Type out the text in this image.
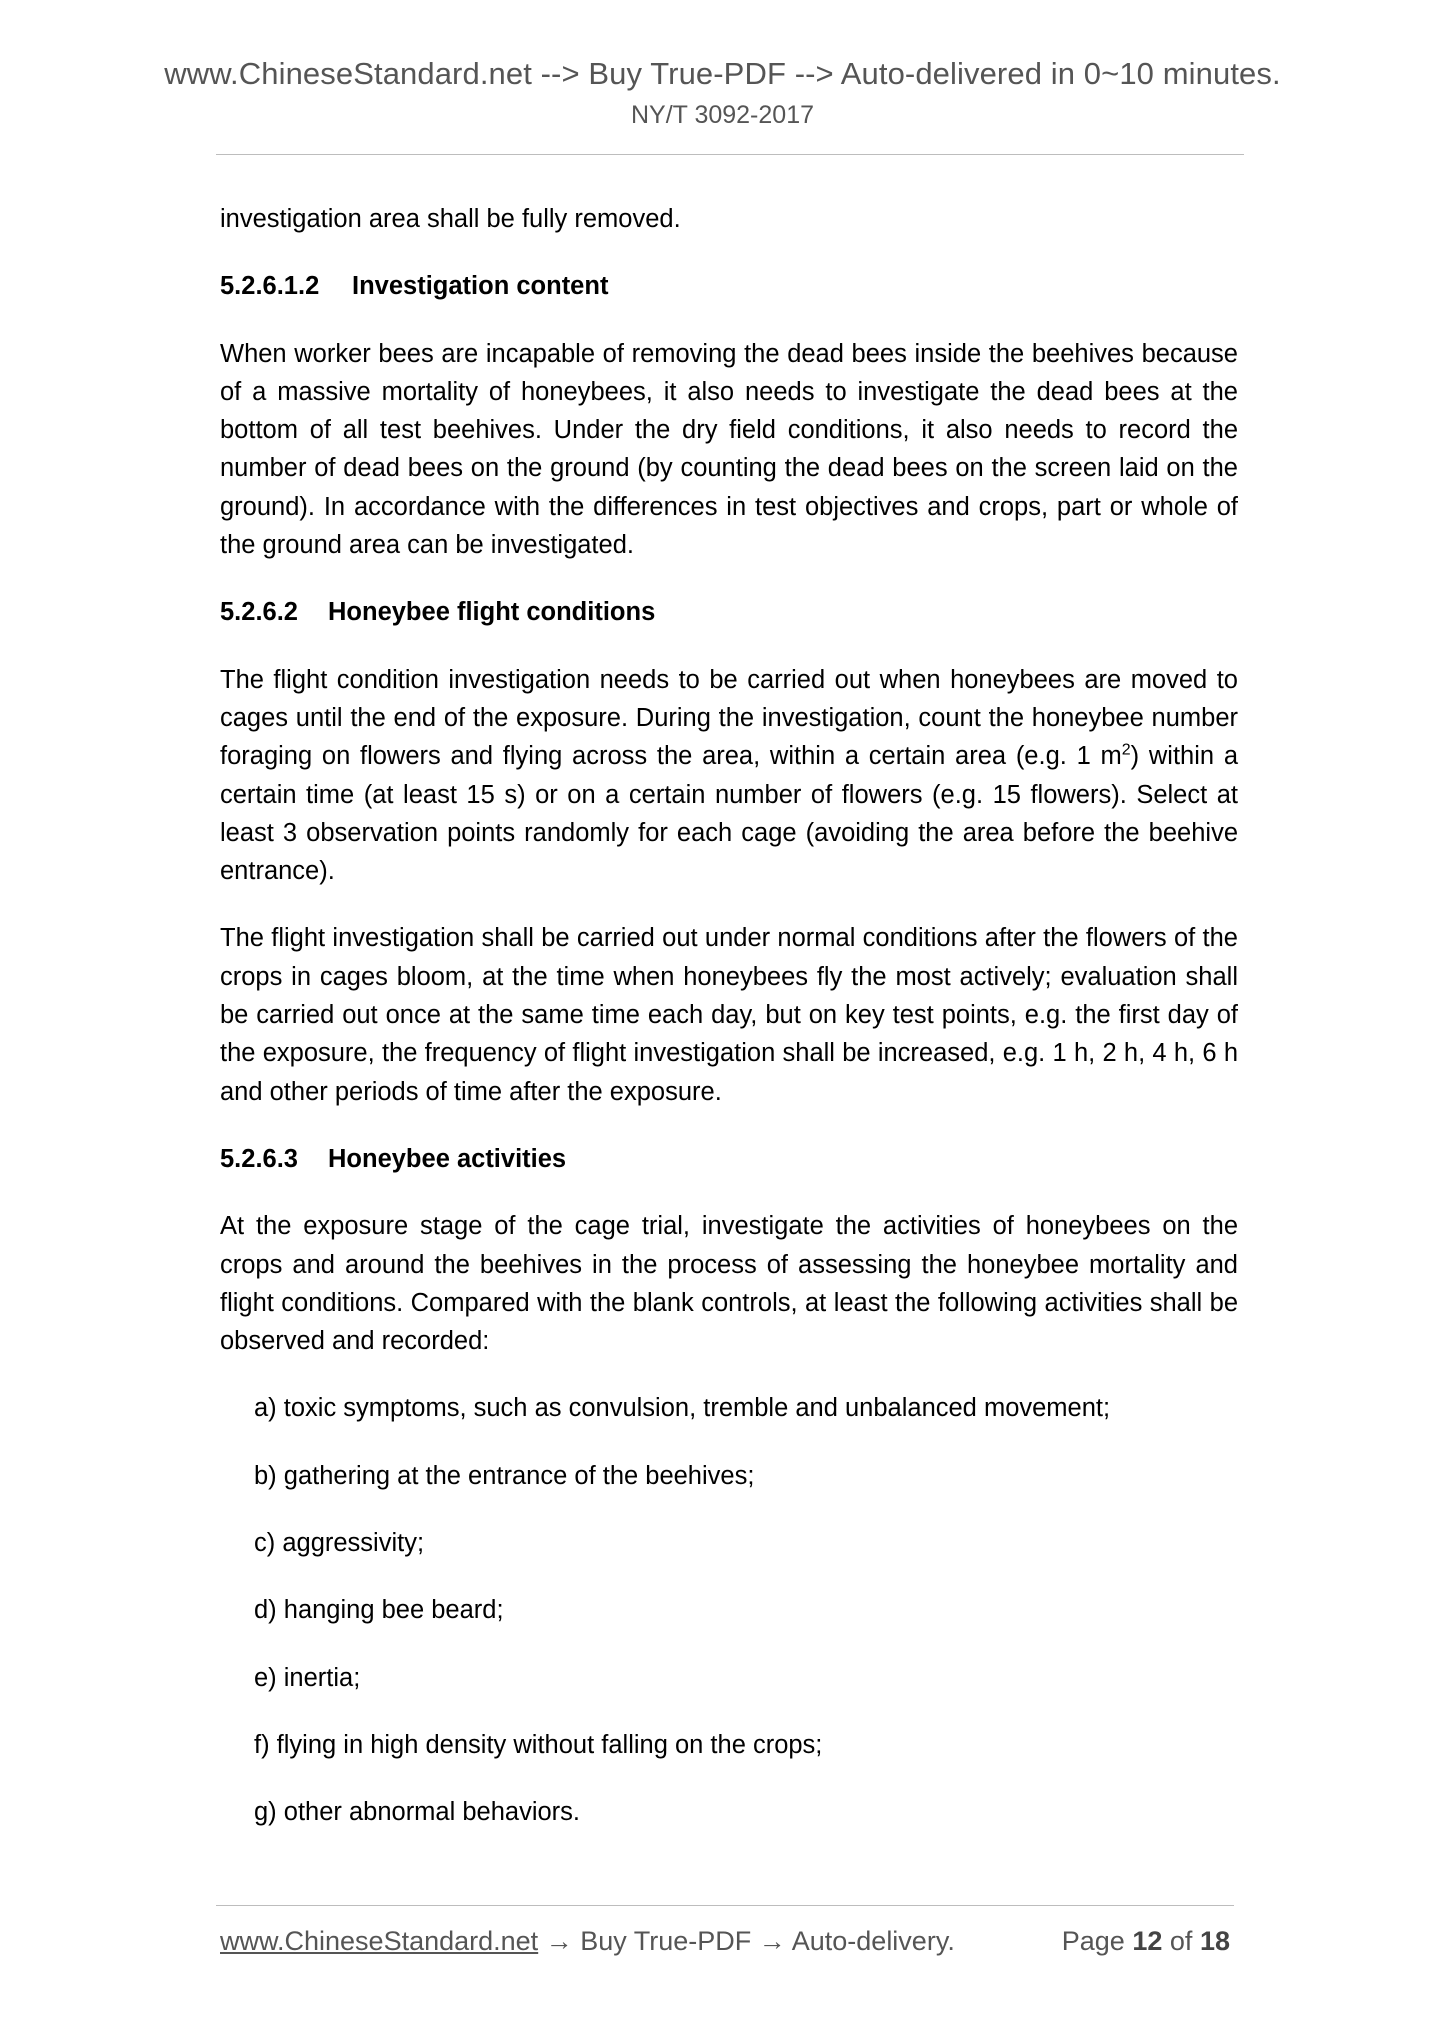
www.ChineseStandard.net --> Buy True-PDF --> Auto-delivered in 0~10 minutes.
NY/T 3092-2017

investigation area shall be fully removed.

5.2.6.1.2 Investigation content

When worker bees are incapable of removing the dead bees inside the beehives because of a massive mortality of honeybees, it also needs to investigate the dead bees at the bottom of all test beehives. Under the dry field conditions, it also needs to record the number of dead bees on the ground (by counting the dead bees on the screen laid on the ground). In accordance with the differences in test objectives and crops, part or whole of the ground area can be investigated.

5.2.6.2 Honeybee flight conditions

The flight condition investigation needs to be carried out when honeybees are moved to cages until the end of the exposure. During the investigation, count the honeybee number foraging on flowers and flying across the area, within a certain area (e.g. 1 $m^2$) within a certain time (at least 15 s) or on a certain number of flowers (e.g. 15 flowers). Select at least 3 observation points randomly for each cage (avoiding the area before the beehive entrance).

The flight investigation shall be carried out under normal conditions after the flowers of the crops in cages bloom, at the time when honeybees fly the most actively; evaluation shall be carried out once at the same time each day, but on key test points, e.g. the first day of the exposure, the frequency of flight investigation shall be increased, e.g. 1 h, 2 h, 4 h, 6 h and other periods of time after the exposure.

5.2.6.3 Honeybee activities

At the exposure stage of the cage trial, investigate the activities of honeybees on the crops and around the beehives in the process of assessing the honeybee mortality and flight conditions. Compared with the blank controls, at least the following activities shall be observed and recorded:

a) toxic symptoms, such as convulsion, tremble and unbalanced movement;
b) gathering at the entrance of the beehives;
c) aggressivity;
d) hanging bee beard;
e) inertia;
f) flying in high density without falling on the crops;
g) other abnormal behaviors.
www.ChineseStandard.net → Buy True-PDF → Auto-delivery.	Page 12 of 18
